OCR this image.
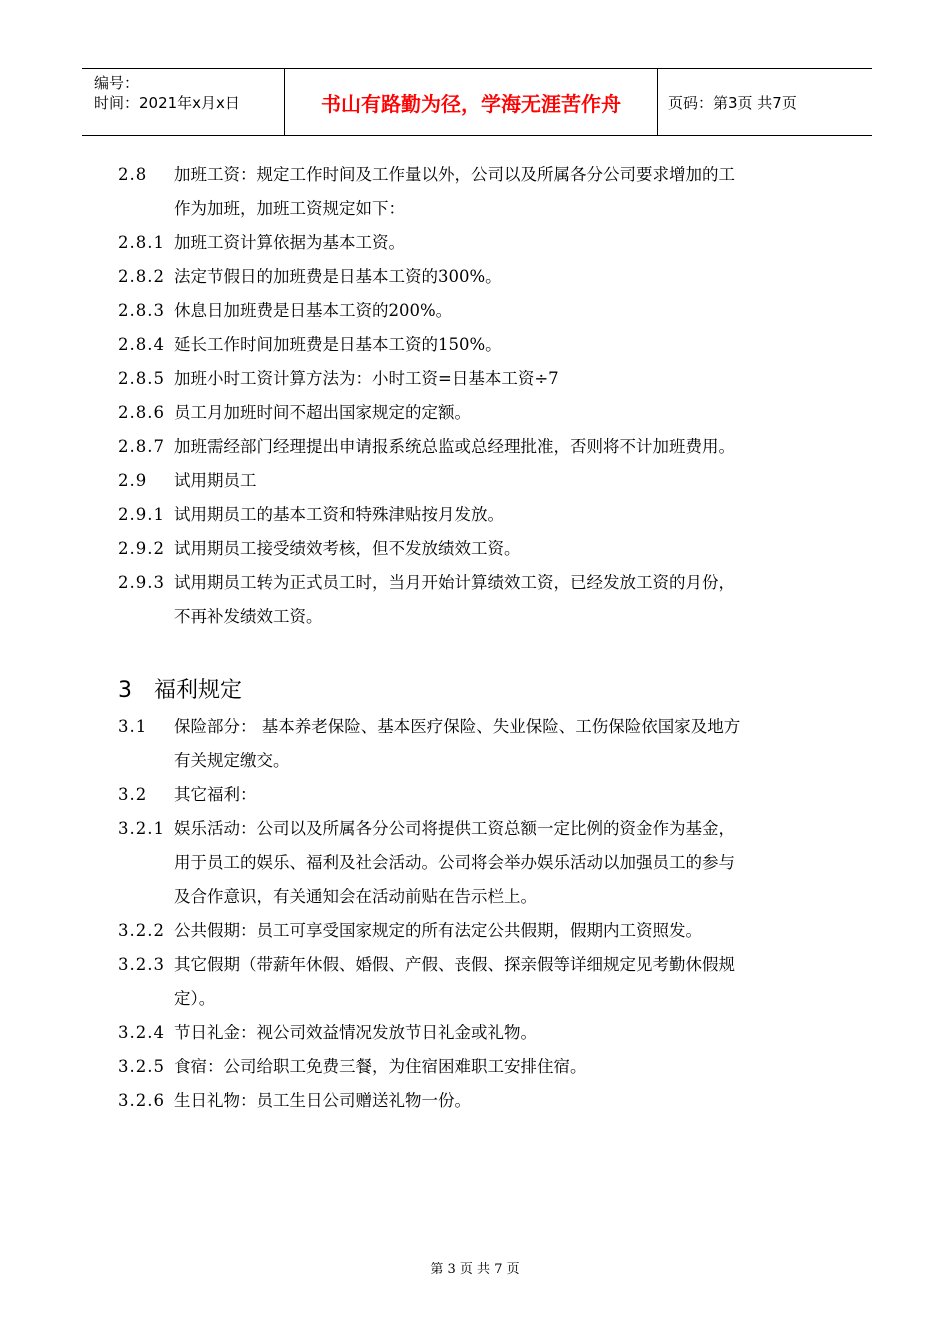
编号：
时间：2021年x月x日	书山有路勤为径，学海无涯苦作舟	页码：第3页 共7页
2.8	加班工资：规定工作时间及工作量以外，公司以及所属各分公司要求增加的工
作为加班，加班工资规定如下：
2.8.1 加班工资计算依据为基本工资。
2.8.2 法定节假日的加班费是日基本工资的300%。
2.8.3 休息日加班费是日基本工资的200%。
2.8.4 延长工作时间加班费是日基本工资的150%。
2.8.5 加班小时工资计算方法为：小时工资=日基本工资÷7
2.8.6 员工月加班时间不超出国家规定的定额。
2.8.7 加班需经部门经理提出申请报系统总监或总经理批准，否则将不计加班费用。
2.9	试用期员工
2.9.1 试用期员工的基本工资和特殊津贴按月发放。
2.9.2 试用期员工接受绩效考核，但不发放绩效工资。
2.9.3 试用期员工转为正式员工时，当月开始计算绩效工资，已经发放工资的月份，
不再补发绩效工资。
3	福利规定
3.1	保险部分： 基本养老保险、基本医疗保险、失业保险、工伤保险依国家及地方
有关规定缴交。
3.2	其它福利：
3.2.1 娱乐活动：公司以及所属各分公司将提供工资总额一定比例的资金作为基金，
用于员工的娱乐、福利及社会活动。公司将会举办娱乐活动以加强员工的参与
及合作意识，有关通知会在活动前贴在告示栏上。
3.2.2 公共假期：员工可享受国家规定的所有法定公共假期，假期内工资照发。
3.2.3 其它假期（带薪年休假、婚假、产假、丧假、探亲假等详细规定见考勤休假规
定）。
3.2.4 节日礼金：视公司效益情况发放节日礼金或礼物。
3.2.5 食宿：公司给职工免费三餐，为住宿困难职工安排住宿。
3.2.6 生日礼物：员工生日公司赠送礼物一份。
第 3 页 共 7 页
